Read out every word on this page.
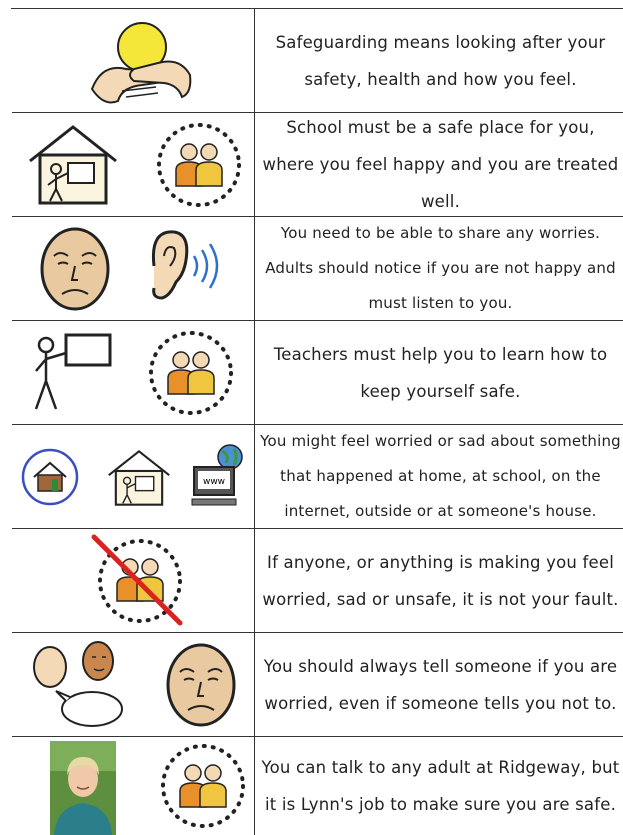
Safeguarding means looking after your safety, health and how you feel.
School must be a safe place for you, where you feel happy and you are treated well.
You need to be able to share any worries. Adults should notice if you are not happy and must listen to you.
Teachers must help you to learn how to keep yourself safe.
www
You might feel worried or sad about something that happened at home, at school, on the internet, outside or at someone's house.
If anyone, or anything is making you feel worried, sad or unsafe, it is not your fault.
You should always tell someone if you are worried, even if someone tells you not to.
You can talk to any adult at Ridgeway, but it is Lynn's job to make sure you are safe.
